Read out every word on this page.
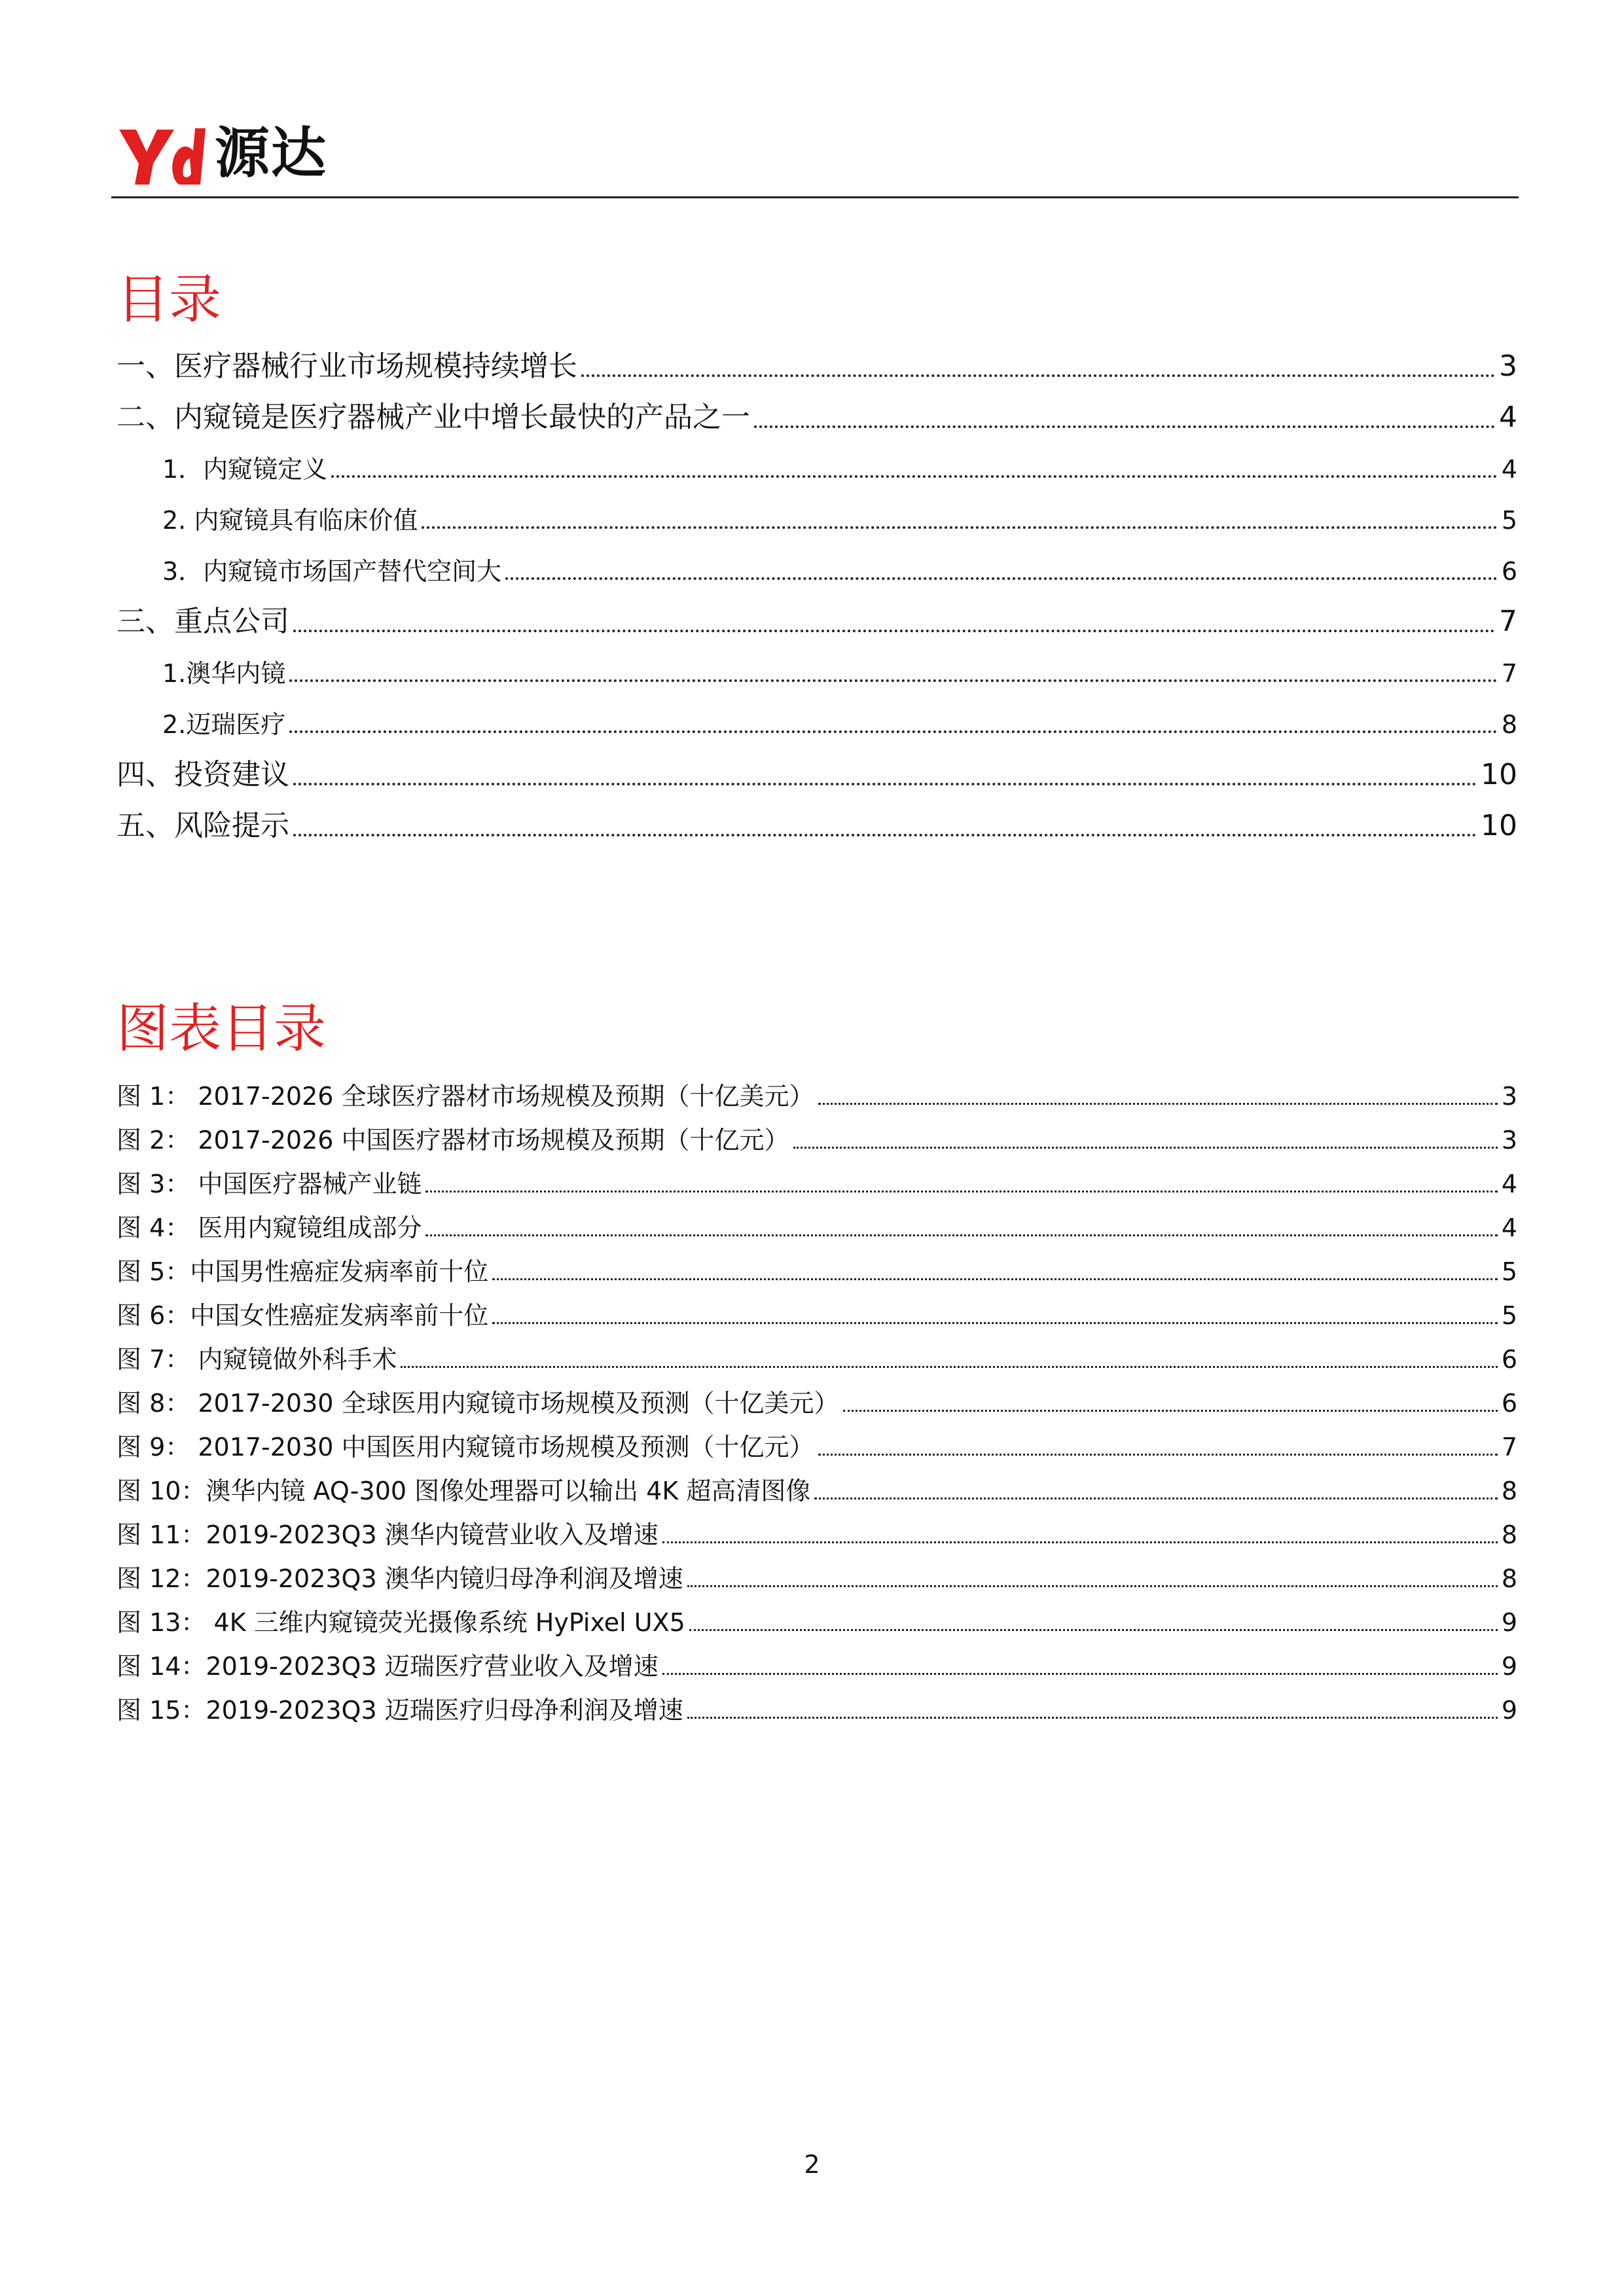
Yd
源达
目录
一、医疗器械行业市场规模持续增长	3
二、内窥镜是医疗器械产业中增长最快的产品之一	4
1．内窥镜定义	4
2. 内窥镜具有临床价值	5
3．内窥镜市场国产替代空间大	6
三、重点公司	7
1.澳华内镜	7
2.迈瑞医疗	8
四、投资建议	10
五、风险提示	10
图表目录
图 1： 2017-2026 全球医疗器材市场规模及预期（十亿美元）	3
图 2： 2017-2026 中国医疗器材市场规模及预期（十亿元）	3
图 3： 中国医疗器械产业链	4
图 4： 医用内窥镜组成部分	4
图 5：中国男性癌症发病率前十位	5
图 6：中国女性癌症发病率前十位	5
图 7： 内窥镜做外科手术	6
图 8： 2017-2030 全球医用内窥镜市场规模及预测（十亿美元）	6
图 9： 2017-2030 中国医用内窥镜市场规模及预测（十亿元）	7
图 10：澳华内镜 AQ-300 图像处理器可以输出 4K 超高清图像	8
图 11：2019-2023Q3 澳华内镜营业收入及增速	8
图 12：2019-2023Q3 澳华内镜归母净利润及增速	8
图 13： 4K 三维内窥镜荧光摄像系统 HyPixel UX5	9
图 14：2019-2023Q3 迈瑞医疗营业收入及增速	9
图 15：2019-2023Q3 迈瑞医疗归母净利润及增速	9
2
